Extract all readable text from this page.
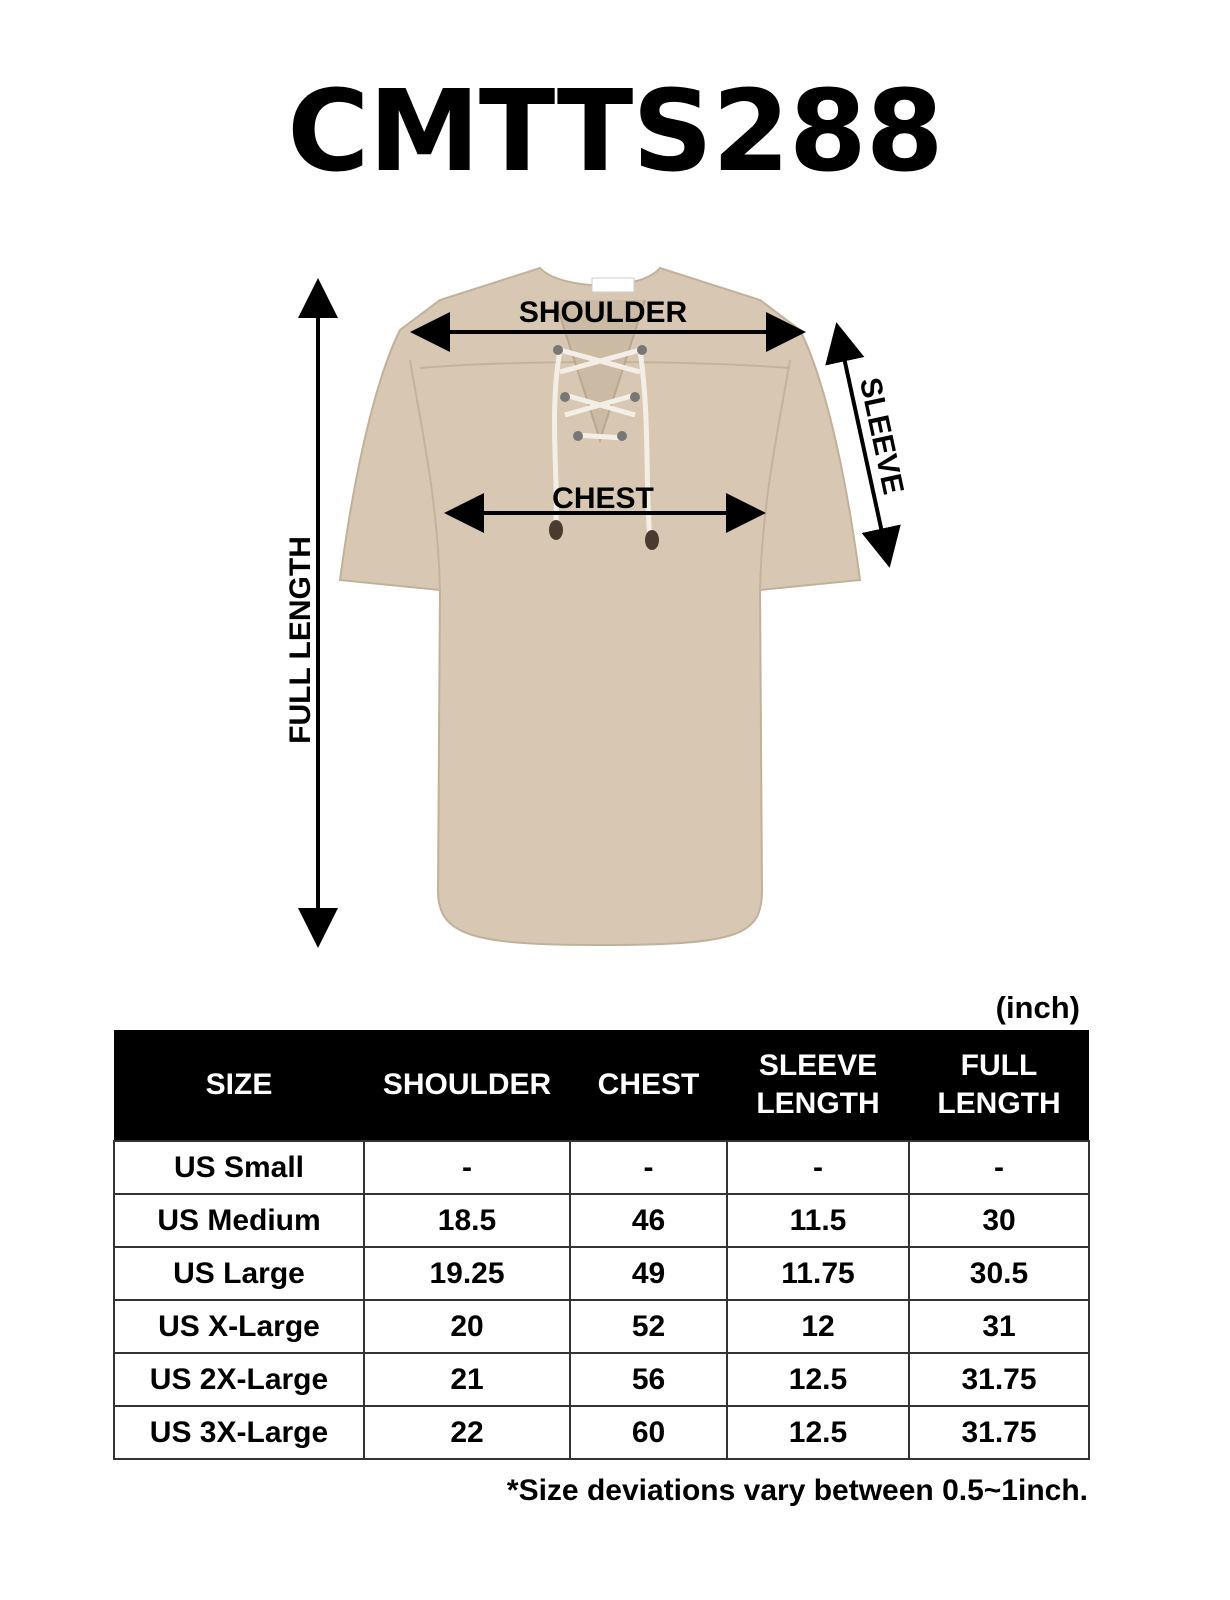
CMTTS288
SHOULDER
CHEST
SLEEVE
FULL LENGTH
(inch)
SIZE	SHOULDER	CHEST	SLEEVE LENGTH	FULL LENGTH
US Small	-	-	-	-
US Medium	18.5	46	11.5	30
US Large	19.25	49	11.75	30.5
US X-Large	20	52	12	31
US 2X-Large	21	56	12.5	31.75
US 3X-Large	22	60	12.5	31.75
*Size deviations vary between 0.5~1inch.
